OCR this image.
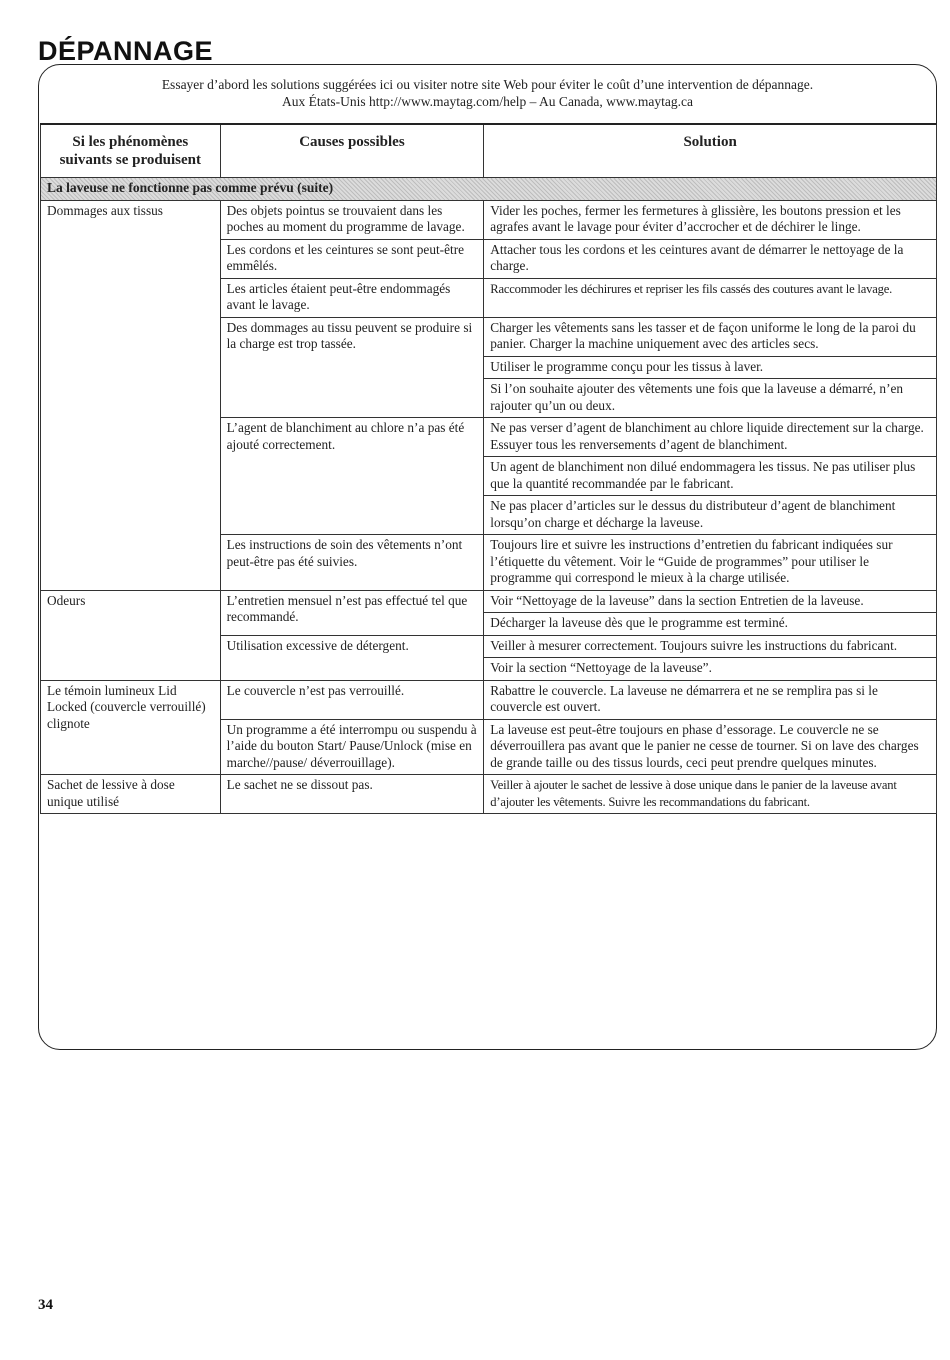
DÉPANNAGE
Essayer d’abord les solutions suggérées ici ou visiter notre site Web pour éviter le coût d’une intervention de dépannage.
Aux États-Unis http://www.maytag.com/help – Au Canada, www.maytag.ca
Si les phénomènes suivants se produisent	Causes possibles	Solution
La laveuse ne fonctionne pas comme prévu (suite)		
Dommages aux tissus	Des objets pointus se trouvaient dans les poches au moment du programme de lavage.	Vider les poches, fermer les fermetures à glissière, les boutons pression et les agrafes avant le lavage pour éviter d’accrocher et de déchirer le linge.
	Les cordons et les ceintures se sont peut-être emmêlés.	Attacher tous les cordons et les ceintures avant de démarrer le nettoyage de la charge.
	Les articles étaient peut-être endommagés avant le lavage.	Raccommoder les déchirures et repriser les fils cassés des coutures avant le lavage.
	Des dommages au tissu peuvent se produire si la charge est trop tassée.	Charger les vêtements sans les tasser et de façon uniforme le long de la paroi du panier. Charger la machine uniquement avec des articles secs.
		Utiliser le programme conçu pour les tissus à laver.
		Si l’on souhaite ajouter des vêtements une fois que la laveuse a démarré, n’en rajouter qu’un ou deux.
	L’agent de blanchiment au chlore n’a pas été ajouté correctement.	Ne pas verser d’agent de blanchiment au chlore liquide directement sur la charge. Essuyer tous les renversements d’agent de blanchiment.
		Un agent de blanchiment non dilué endommagera les tissus. Ne pas utiliser plus que la quantité recommandée par le fabricant.
		Ne pas placer d’articles sur le dessus du distributeur d’agent de blanchiment lorsqu’on charge et décharge la laveuse.
	Les instructions de soin des vêtements n’ont peut-être pas été suivies.	Toujours lire et suivre les instructions d’entretien du fabricant indiquées sur l’étiquette du vêtement. Voir le “Guide de programmes” pour utiliser le programme qui correspond le mieux à la charge utilisée.
Odeurs	L’entretien mensuel n’est pas effectué tel que recommandé.	Voir “Nettoyage de la laveuse” dans la section Entretien de la laveuse.
		Décharger la laveuse dès que le programme est terminé.
	Utilisation excessive de détergent.	Veiller à mesurer correctement. Toujours suivre les instructions du fabricant.
		Voir la section “Nettoyage de la laveuse”.
Le témoin lumineux Lid Locked (couvercle verrouillé) clignote	Le couvercle n’est pas verrouillé.	Rabattre le couvercle. La laveuse ne démarrera et ne se remplira pas si le couvercle est ouvert.
	Un programme a été interrompu ou suspendu à l’aide du bouton Start/ Pause/Unlock (mise en marche//pause/ déverrouillage).	La laveuse est peut-être toujours en phase d’essorage. Le couvercle ne se déverrouillera pas avant que le panier ne cesse de tourner. Si on lave des charges de grande taille ou des tissus lourds, ceci peut prendre quelques minutes.
Sachet de lessive à dose unique utilisé	Le sachet ne se dissout pas.	Veiller à ajouter le sachet de lessive à dose unique dans le panier de la laveuse avant d’ajouter les vêtements. Suivre les recommandations du fabricant.
34
